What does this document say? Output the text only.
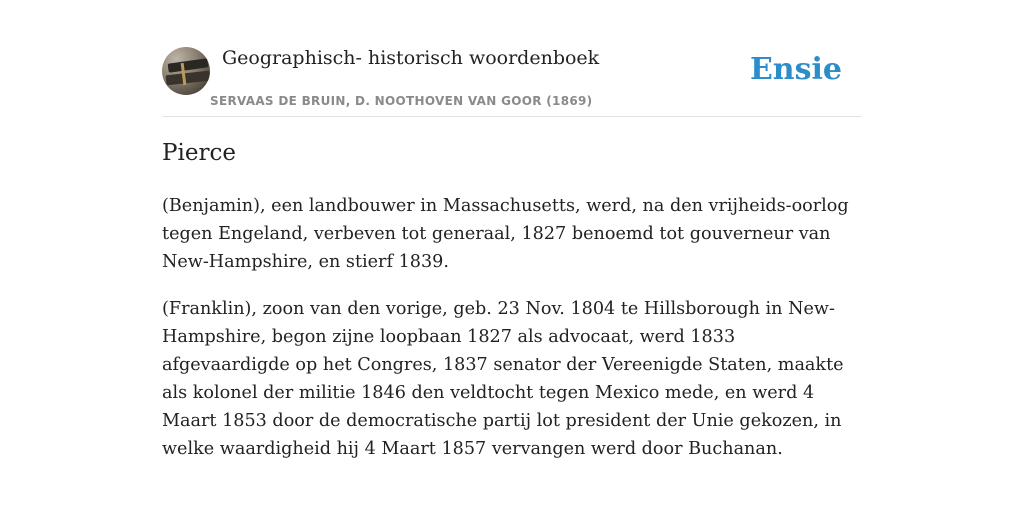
Geographisch- historisch woordenboek
SERVAAS DE BRUIN, D. NOOTHOVEN VAN GOOR (1869)
Ensie
Pierce

(Benjamin), een landbouwer in Massachusetts, werd, na den vrijheids-oorlog tegen Engeland, verbeven tot generaal, 1827 benoemd tot gouverneur van New-Hampshire, en stierf 1839.

(Franklin), zoon van den vorige, geb. 23 Nov. 1804 te Hillsborough in New-Hampshire, begon zijne loopbaan 1827 als advocaat, werd 1833 afgevaardigde op het Congres, 1837 senator der Vereenigde Staten, maakte als kolonel der militie 1846 den veldtocht tegen Mexico mede, en werd 4 Maart 1853 door de democratische partij lot president der Unie gekozen, in welke waardigheid hij 4 Maart 1857 vervangen werd door Buchanan.
